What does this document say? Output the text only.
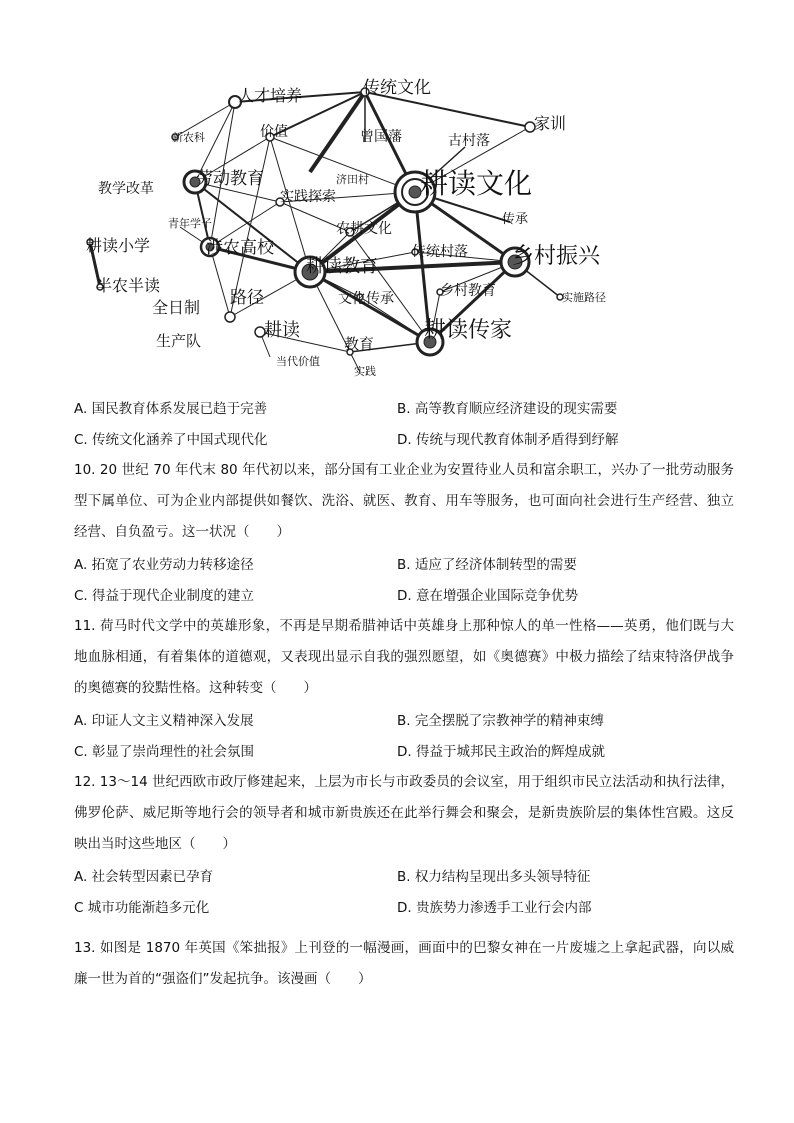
传统文化
人才培养
家训
新农科	价值	曾国藩	古村落
劳动教育	耕读文化
教学改革	实践探索
济田村
青年学子	农耕文化
传承
耕读小学	涉农高校
耕读教育
传统村落 乡村振兴
半农半读
路径	文化传承	乡村教育	实施路径
全日制
生产队	耕读
教育
耕读传家
当代价值
实践
A. 国民教育体系发展已趋于完善	B. 高等教育顺应经济建设的现实需要
C. 传统文化涵养了中国式现代化	D. 传统与现代教育体制矛盾得到纾解
10. 20 世纪 70 年代末 80 年代初以来，部分国有工业企业为安置待业人员和富余职工，兴办了一批劳动服务型下属单位、可为企业内部提供如餐饮、洗浴、就医、教育、用车等服务，也可面向社会进行生产经营、独立经营、自负盈亏。这一状况（　　）
A. 拓宽了农业劳动力转移途径	B. 适应了经济体制转型的需要
C. 得益于现代企业制度的建立	D. 意在增强企业国际竞争优势
11. 荷马时代文学中的英雄形象，不再是早期希腊神话中英雄身上那种惊人的单一性格——英勇，他们既与大地血脉相通，有着集体的道德观，又表现出显示自我的强烈愿望，如《奥德赛》中极力描绘了结束特洛伊战争的奥德赛的狡黠性格。这种转变（　　）
A. 印证人文主义精神深入发展	B. 完全摆脱了宗教神学的精神束缚
C. 彰显了崇尚理性的社会氛围	D. 得益于城邦民主政治的辉煌成就
12. 13～14 世纪西欧市政厅修建起来，上层为市长与市政委员的会议室，用于组织市民立法活动和执行法律，佛罗伦萨、威尼斯等地行会的领导者和城市新贵族还在此举行舞会和聚会，是新贵族阶层的集体性宫殿。这反映出当时这些地区（　　）
A. 社会转型因素已孕育	B. 权力结构呈现出多头领导特征
C 城市功能渐趋多元化	D. 贵族势力渗透手工业行会内部
13. 如图是 1870 年英国《笨拙报》上刊登的一幅漫画，画面中的巴黎女神在一片废墟之上拿起武器，向以威廉一世为首的“强盗们”发起抗争。该漫画（　　）
